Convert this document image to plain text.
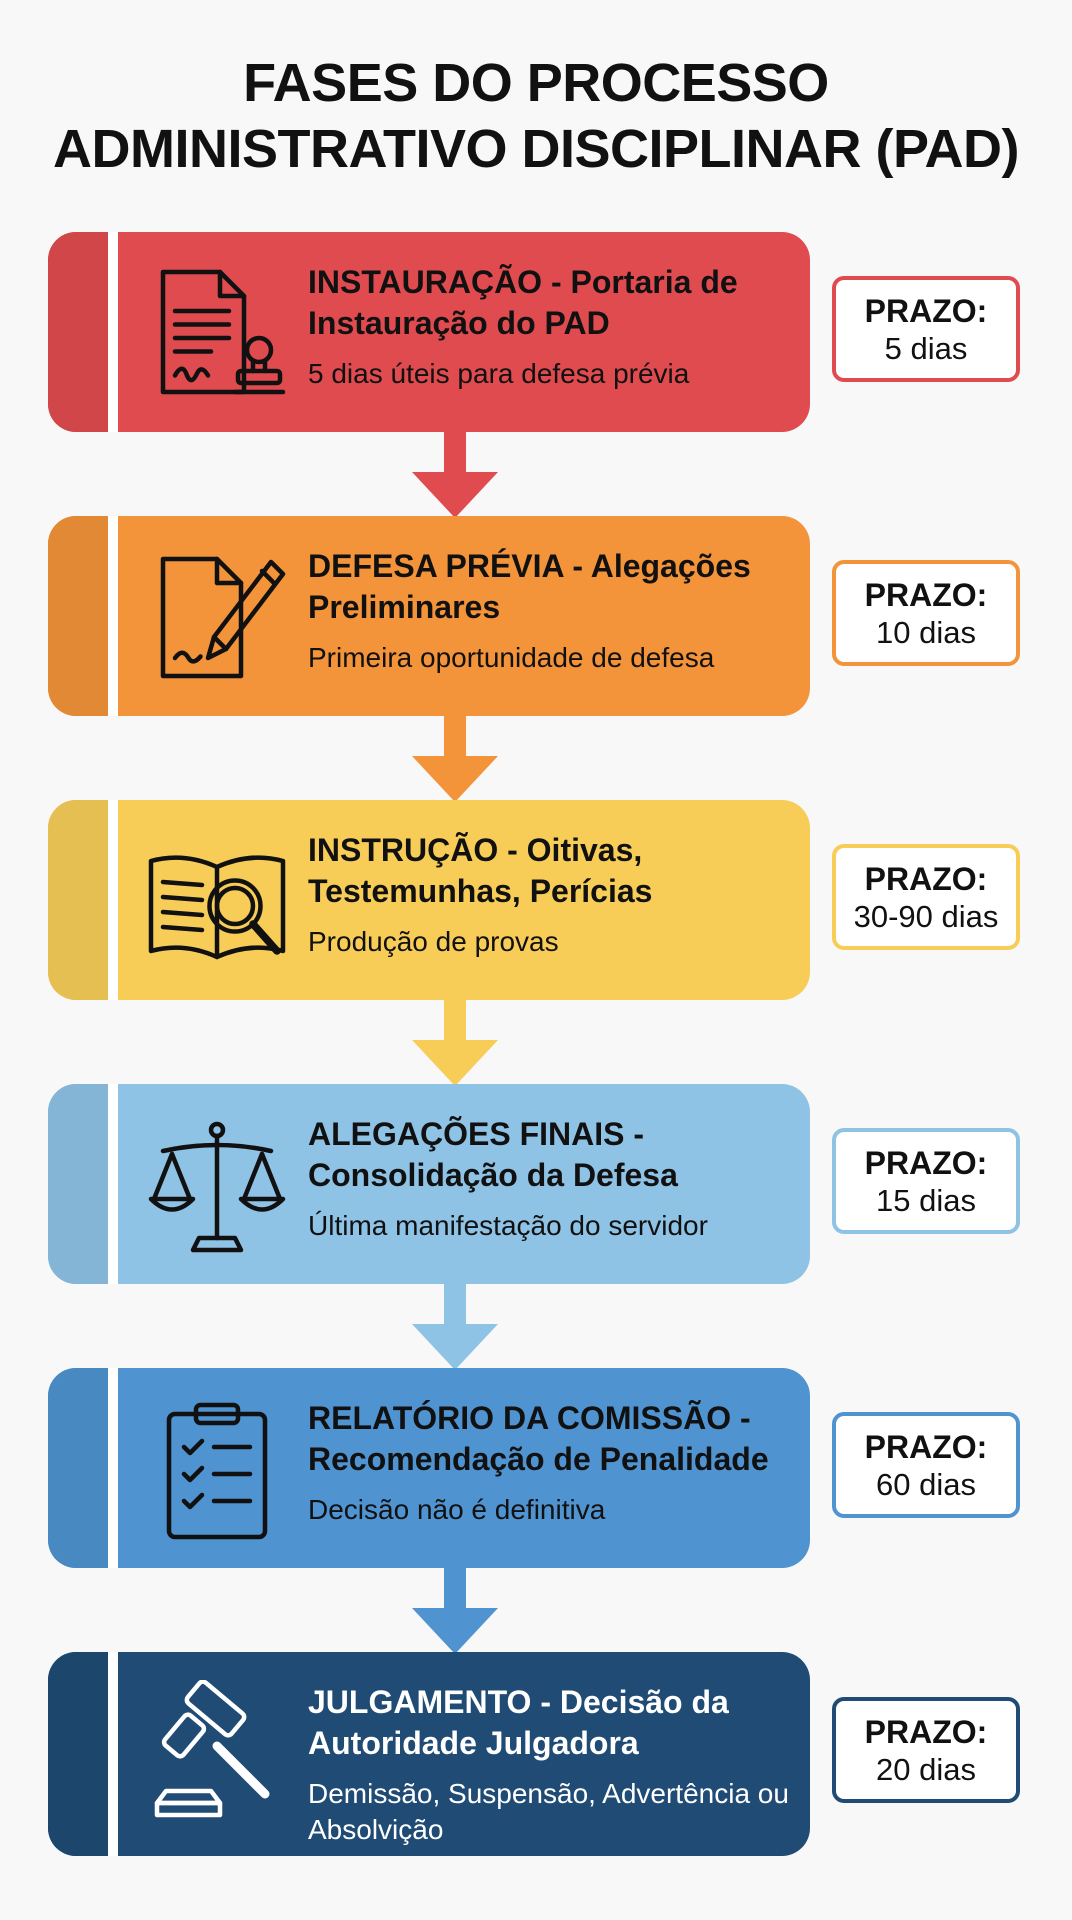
FASES DO PROCESSO
ADMINISTRATIVO DISCIPLINAR (PAD)
INSTAURAÇÃO - Portaria de Instauração do PAD
5 dias úteis para defesa prévia
PRAZO:
5 dias
DEFESA PRÉVIA - Alegações Preliminares
Primeira oportunidade de defesa
PRAZO:
10 dias
INSTRUÇÃO - Oitivas, Testemunhas, Perícias
Produção de provas
PRAZO:
30-90 dias
ALEGAÇÕES FINAIS - Consolidação da Defesa
Última manifestação do servidor
PRAZO:
15 dias
RELATÓRIO DA COMISSÃO - Recomendação de Penalidade
Decisão não é definitiva
PRAZO:
60 dias
JULGAMENTO - Decisão da Autoridade Julgadora
Demissão, Suspensão, Advertência ou Absolvição
PRAZO:
20 dias
